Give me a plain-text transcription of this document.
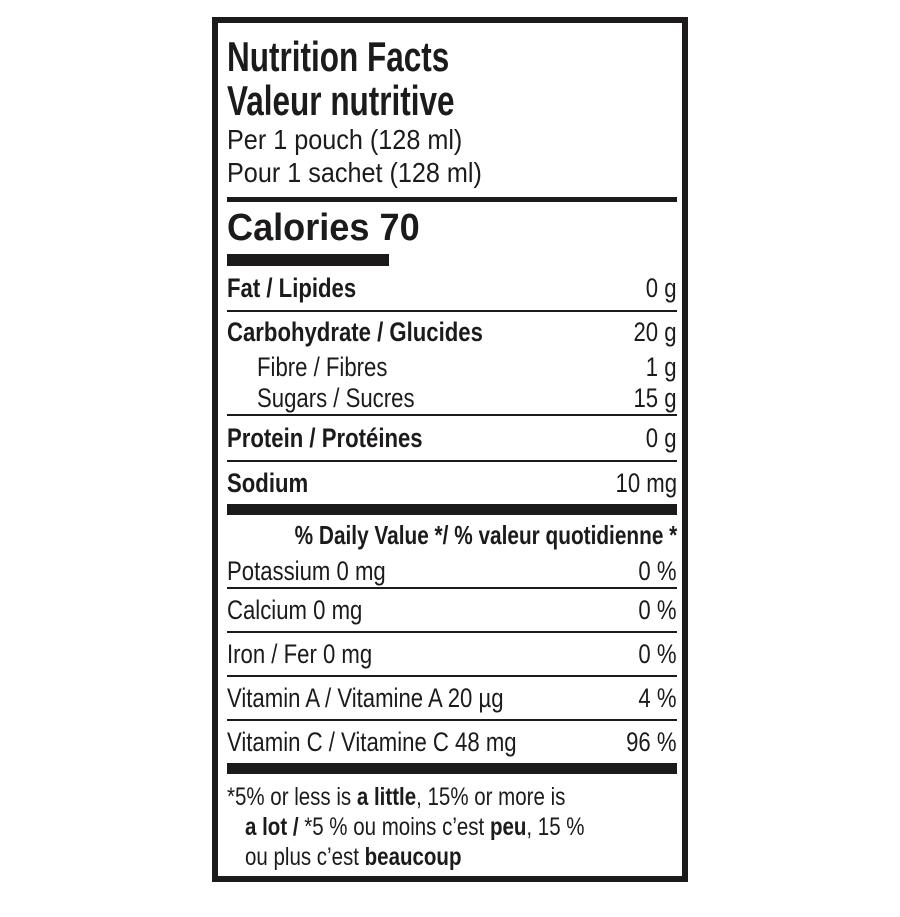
Nutrition Facts
Valeur nutritive
Per 1 pouch (128 ml)
Pour 1 sachet (128 ml)
Calories 70
Fat / Lipides	0 g
Carbohydrate / Glucides	20 g
Fibre / Fibres	1 g
Sugars / Sucres	15 g
Protein / Protéines	0 g
Sodium	10 mg
% Daily Value */ % valeur quotidienne *
Potassium 0 mg	0 %
Calcium 0 mg	0 %
Iron / Fer 0 mg	0 %
Vitamin A / Vitamine A 20 µg	4 %
Vitamin C / Vitamine C 48 mg	96 %
*5% or less is a little, 15% or more is
a lot / *5 % ou moins c’est peu, 15 %
ou plus c’est beaucoup
